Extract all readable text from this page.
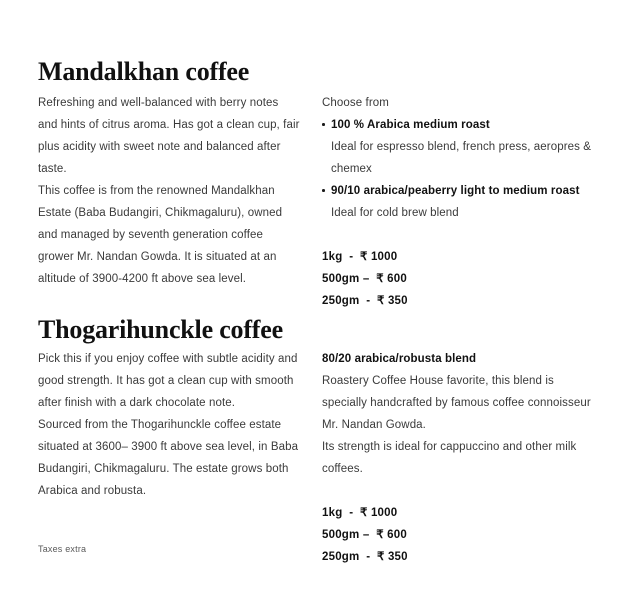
Mandalkhan coffee

Refreshing and well-balanced with berry notes and hints of citrus aroma. Has got a clean cup, fair plus acidity with sweet note and balanced after taste.

This coffee is from the renowned Mandalkhan Estate (Baba Budangiri, Chikmagaluru), owned and managed by seventh generation coffee grower Mr. Nandan Gowda. It is situated at an altitude of 3900-4200 ft above sea level.

Choose from
100 % Arabica medium roast
Ideal for espresso blend, french press, aeropres & chemex
90/10 arabica/peaberry light to medium roast
Ideal for cold brew blend
1kg  -  ₹ 1000
500gm –  ₹ 600
250gm  -  ₹ 350
Thogarihunckle coffee

Pick this if you enjoy coffee with subtle acidity and good strength. It has got a clean cup with smooth after finish with a dark chocolate note.

Sourced from the Thogarihunckle coffee estate situated at 3600– 3900 ft above sea level, in Baba Budangiri, Chikmagaluru. The estate grows both Arabica and robusta.

80/20 arabica/robusta blend
Roastery Coffee House favorite, this blend is specially handcrafted by famous coffee connoisseur Mr. Nandan Gowda.
Its strength is ideal for cappuccino and other milk coffees.
1kg  -  ₹ 1000
500gm –  ₹ 600
250gm  -  ₹ 350
Taxes extra
